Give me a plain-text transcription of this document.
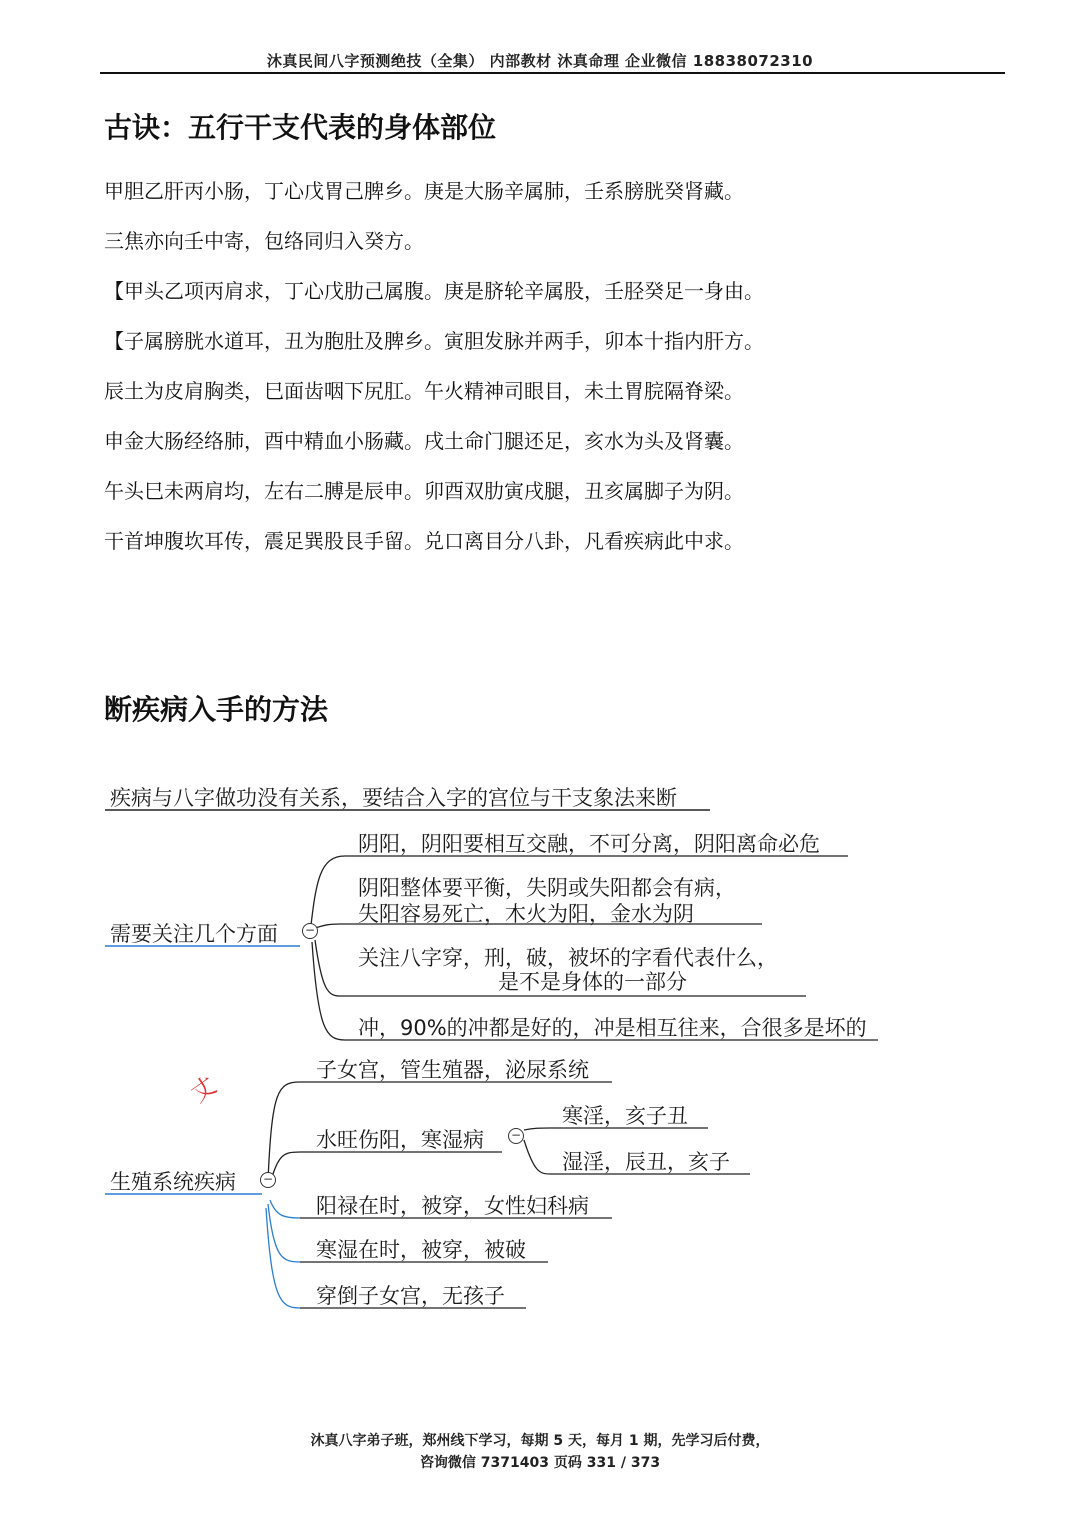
沐真民间八字预测绝技（全集） 内部教材 沐真命理 企业微信 18838072310
古诀：五行干支代表的身体部位
甲胆乙肝丙小肠，丁心戊胃己脾乡。庚是大肠辛属肺，壬系膀胱癸肾藏。
三焦亦向壬中寄，包络同归入癸方。
【甲头乙项丙肩求，丁心戊肋己属腹。庚是脐轮辛属股，壬胫癸足一身由。
【子属膀胱水道耳，丑为胞肚及脾乡。寅胆发脉并两手，卯本十指内肝方。
辰土为皮肩胸类，巳面齿咽下尻肛。午火精神司眼目，未土胃脘隔脊梁。
申金大肠经络肺，酉中精血小肠藏。戌土命门腿还足，亥水为头及肾囊。
午头巳未两肩均，左右二膊是辰申。卯酉双肋寅戌腿，丑亥属脚子为阴。
干首坤腹坎耳传，震足巽股艮手留。兑口离目分八卦，凡看疾病此中求。
断疾病入手的方法
疾病与八字做功没有关系，要结合入字的宫位与干支象法来断
需要关注几个方面 −
阴阳，阴阳要相互交融，不可分离，阴阳离命必危
阴阳整体要平衡，失阴或失阳都会有病，
失阳容易死亡，木火为阳，金水为阴
关注八字穿，刑，破，被坏的字看代表什么，
是不是身体的一部分
冲，90%的冲都是好的，冲是相互往来，合很多是坏的
丈
生殖系统疾病 −
子女宫，管生殖器，泌尿系统
水旺伤阳，寒湿病 −
寒淫，亥子丑
湿淫，辰丑，亥子
阳禄在时，被穿，女性妇科病
寒湿在时，被穿，被破
穿倒子女宫，无孩子
沐真八字弟子班，郑州线下学习，每期 5 天，每月 1 期，先学习后付费，
咨询微信 7371403 页码 331 / 373
